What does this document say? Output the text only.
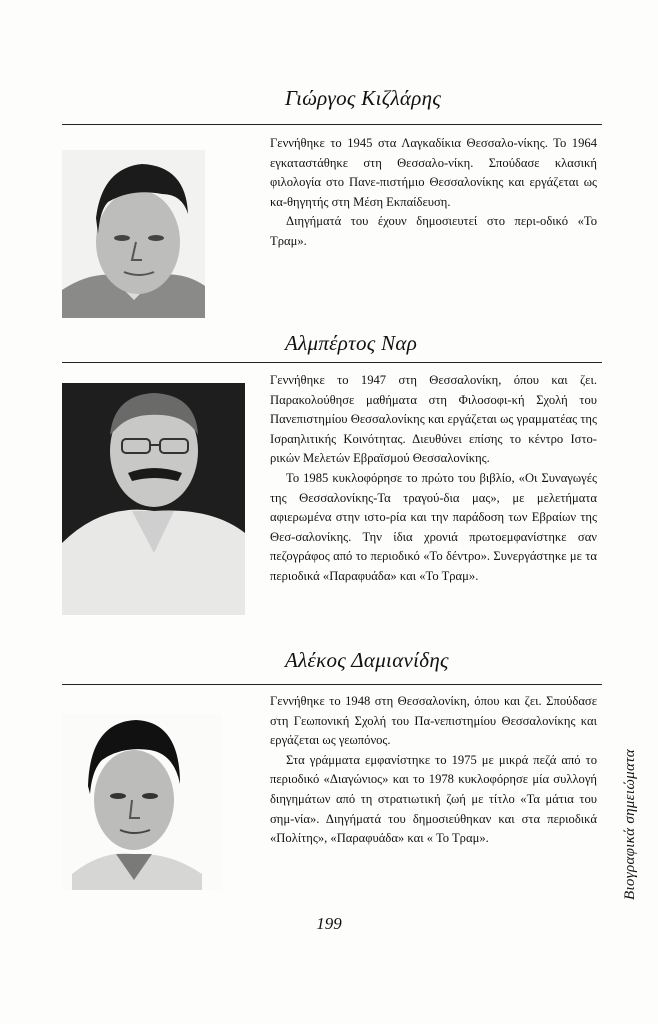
Γιώργος Κιζλάρης

Γεννήθηκε το 1945 στα Λαγκαδίκια Θεσσαλο-νίκης. Το 1964 εγκαταστάθηκε στη Θεσσαλο-νίκη. Σπούδασε κλασική φιλολογία στο Πανε-πιστήμιο Θεσσαλονίκης και εργάζεται ως κα-θηγητής στη Μέση Εκπαίδευση.

Διηγήματά του έχουν δημοσιευτεί στο περι-οδικό «Το Τραμ».

Αλμπέρτος Ναρ

Γεννήθηκε το 1947 στη Θεσσαλονίκη, όπου και ζει. Παρακολούθησε μαθήματα στη Φιλοσοφι-κή Σχολή του Πανεπιστημίου Θεσσαλονίκης και εργάζεται ως γραμματέας της Ισραηλιτικής Κοινότητας. Διευθύνει επίσης το κέντρο Ιστο-ρικών Μελετών Εβραϊσμού Θεσσαλονίκης.

Το 1985 κυκλοφόρησε το πρώτο του βιβλίο, «Οι Συναγωγές της Θεσσαλονίκης-Τα τραγού-δια μας», με μελετήματα αφιερωμένα στην ιστο-ρία και την παράδοση των Εβραίων της Θεσ-σαλονίκης. Την ίδια χρονιά πρωτοεμφανίστηκε σαν πεζογράφος από το περιοδικό «Το δέντρο». Συνεργάστηκε με τα περιοδικά «Παραφυάδα» και «Το Τραμ».

Αλέκος Δαμιανίδης

Γεννήθηκε το 1948 στη Θεσσαλονίκη, όπου και ζει. Σπούδασε στη Γεωπονική Σχολή του Πα-νεπιστημίου Θεσσαλονίκης και εργάζεται ως γεωπόνος.

Στα γράμματα εμφανίστηκε το 1975 με μικρά πεζά από το περιοδικό «Διαγώνιος» και το 1978 κυκλοφόρησε μία συλλογή διηγημάτων από τη στρατιωτική ζωή με τίτλο «Τα μάτια του σημ-νία». Διηγήματά του δημοσιεύθηκαν και στα περιοδικά «Πολίτης», «Παραφυάδα» και « Το Τραμ».

199
Βιογραφικά σημειώματα
